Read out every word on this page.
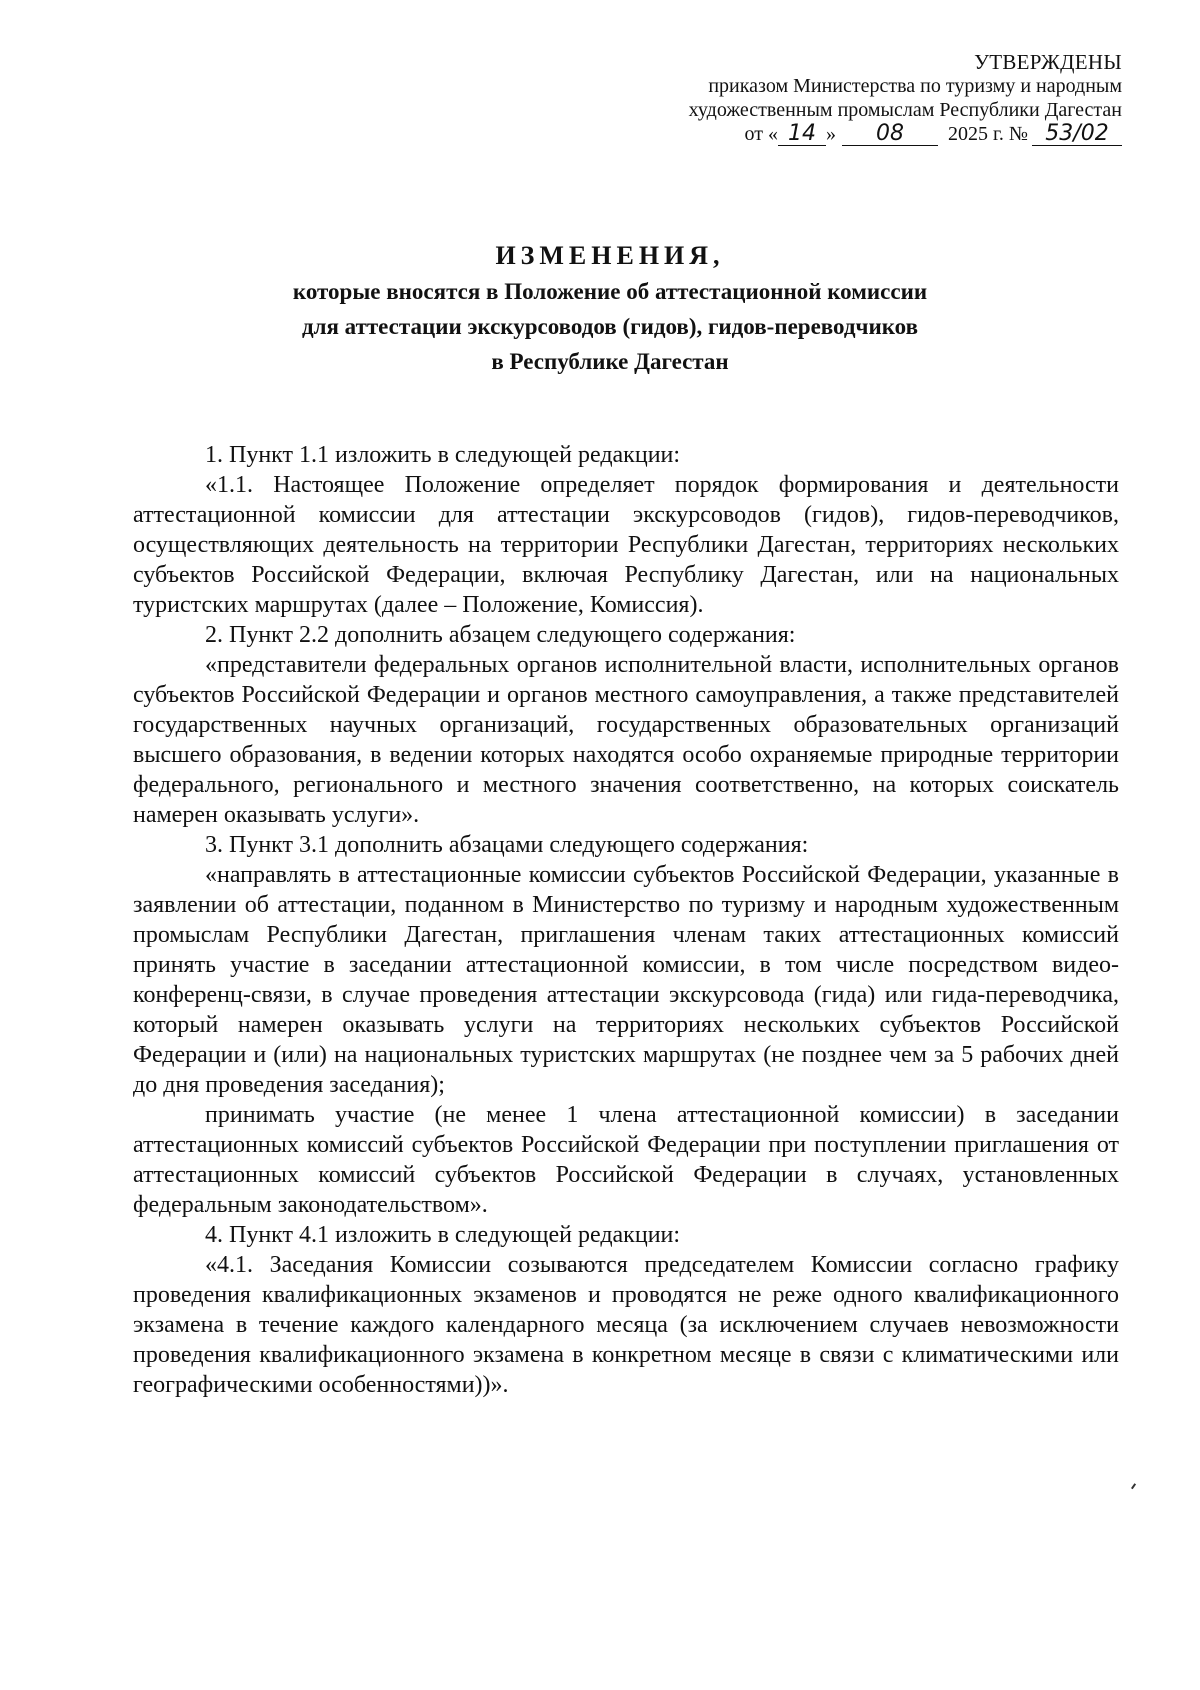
УТВЕРЖДЕНЫ
приказом Министерства по туризму и народным
художественным промыслам Республики Дагестан
от « 14 »	08	2025 г. № 53/02
ИЗМЕНЕНИЯ,
которые вносятся в Положение об аттестационной комиссии
для аттестации экскурсоводов (гидов), гидов-переводчиков
в Республике Дагестан

1. Пункт 1.1 изложить в следующей редакции:

«1.1. Настоящее Положение определяет порядок формирования и деятельности аттестационной комиссии для аттестации экскурсоводов (гидов), гидов-переводчиков, осуществляющих деятельность на территории Республики Дагестан, территориях нескольких субъектов Российской Федерации, включая Республику Дагестан, или на национальных туристских маршрутах (далее – Положение, Комиссия).

2. Пункт 2.2 дополнить абзацем следующего содержания:

«представители федеральных органов исполнительной власти, исполнительных органов субъектов Российской Федерации и органов местного самоуправления, а также представителей государственных научных организаций, государственных образовательных организаций высшего образования, в ведении которых находятся особо охраняемые природные территории федерального, регионального и местного значения соответственно, на которых соискатель намерен оказывать услуги».

3. Пункт 3.1 дополнить абзацами следующего содержания:

«направлять в аттестационные комиссии субъектов Российской Федерации, указанные в заявлении об аттестации, поданном в Министерство по туризму и народным художественным промыслам Республики Дагестан, приглашения членам таких аттестационных комиссий принять участие в заседании аттестационной комиссии, в том числе посредством видео-конференц-связи, в случае проведения аттестации экскурсовода (гида) или гида-переводчика, который намерен оказывать услуги на территориях нескольких субъектов Российской Федерации и (или) на национальных туристских маршрутах (не позднее чем за 5 рабочих дней до дня проведения заседания);

принимать участие (не менее 1 члена аттестационной комиссии) в заседании аттестационных комиссий субъектов Российской Федерации при поступлении приглашения от аттестационных комиссий субъектов Российской Федерации в случаях, установленных федеральным законодательством».

4. Пункт 4.1 изложить в следующей редакции:

«4.1. Заседания Комиссии созываются председателем Комиссии согласно графику проведения квалификационных экзаменов и проводятся не реже одного квалификационного экзамена в течение каждого календарного месяца (за исключением случаев невозможности проведения квалификационного экзамена в конкретном месяце в связи с климатическими или географическими особенностями))».
